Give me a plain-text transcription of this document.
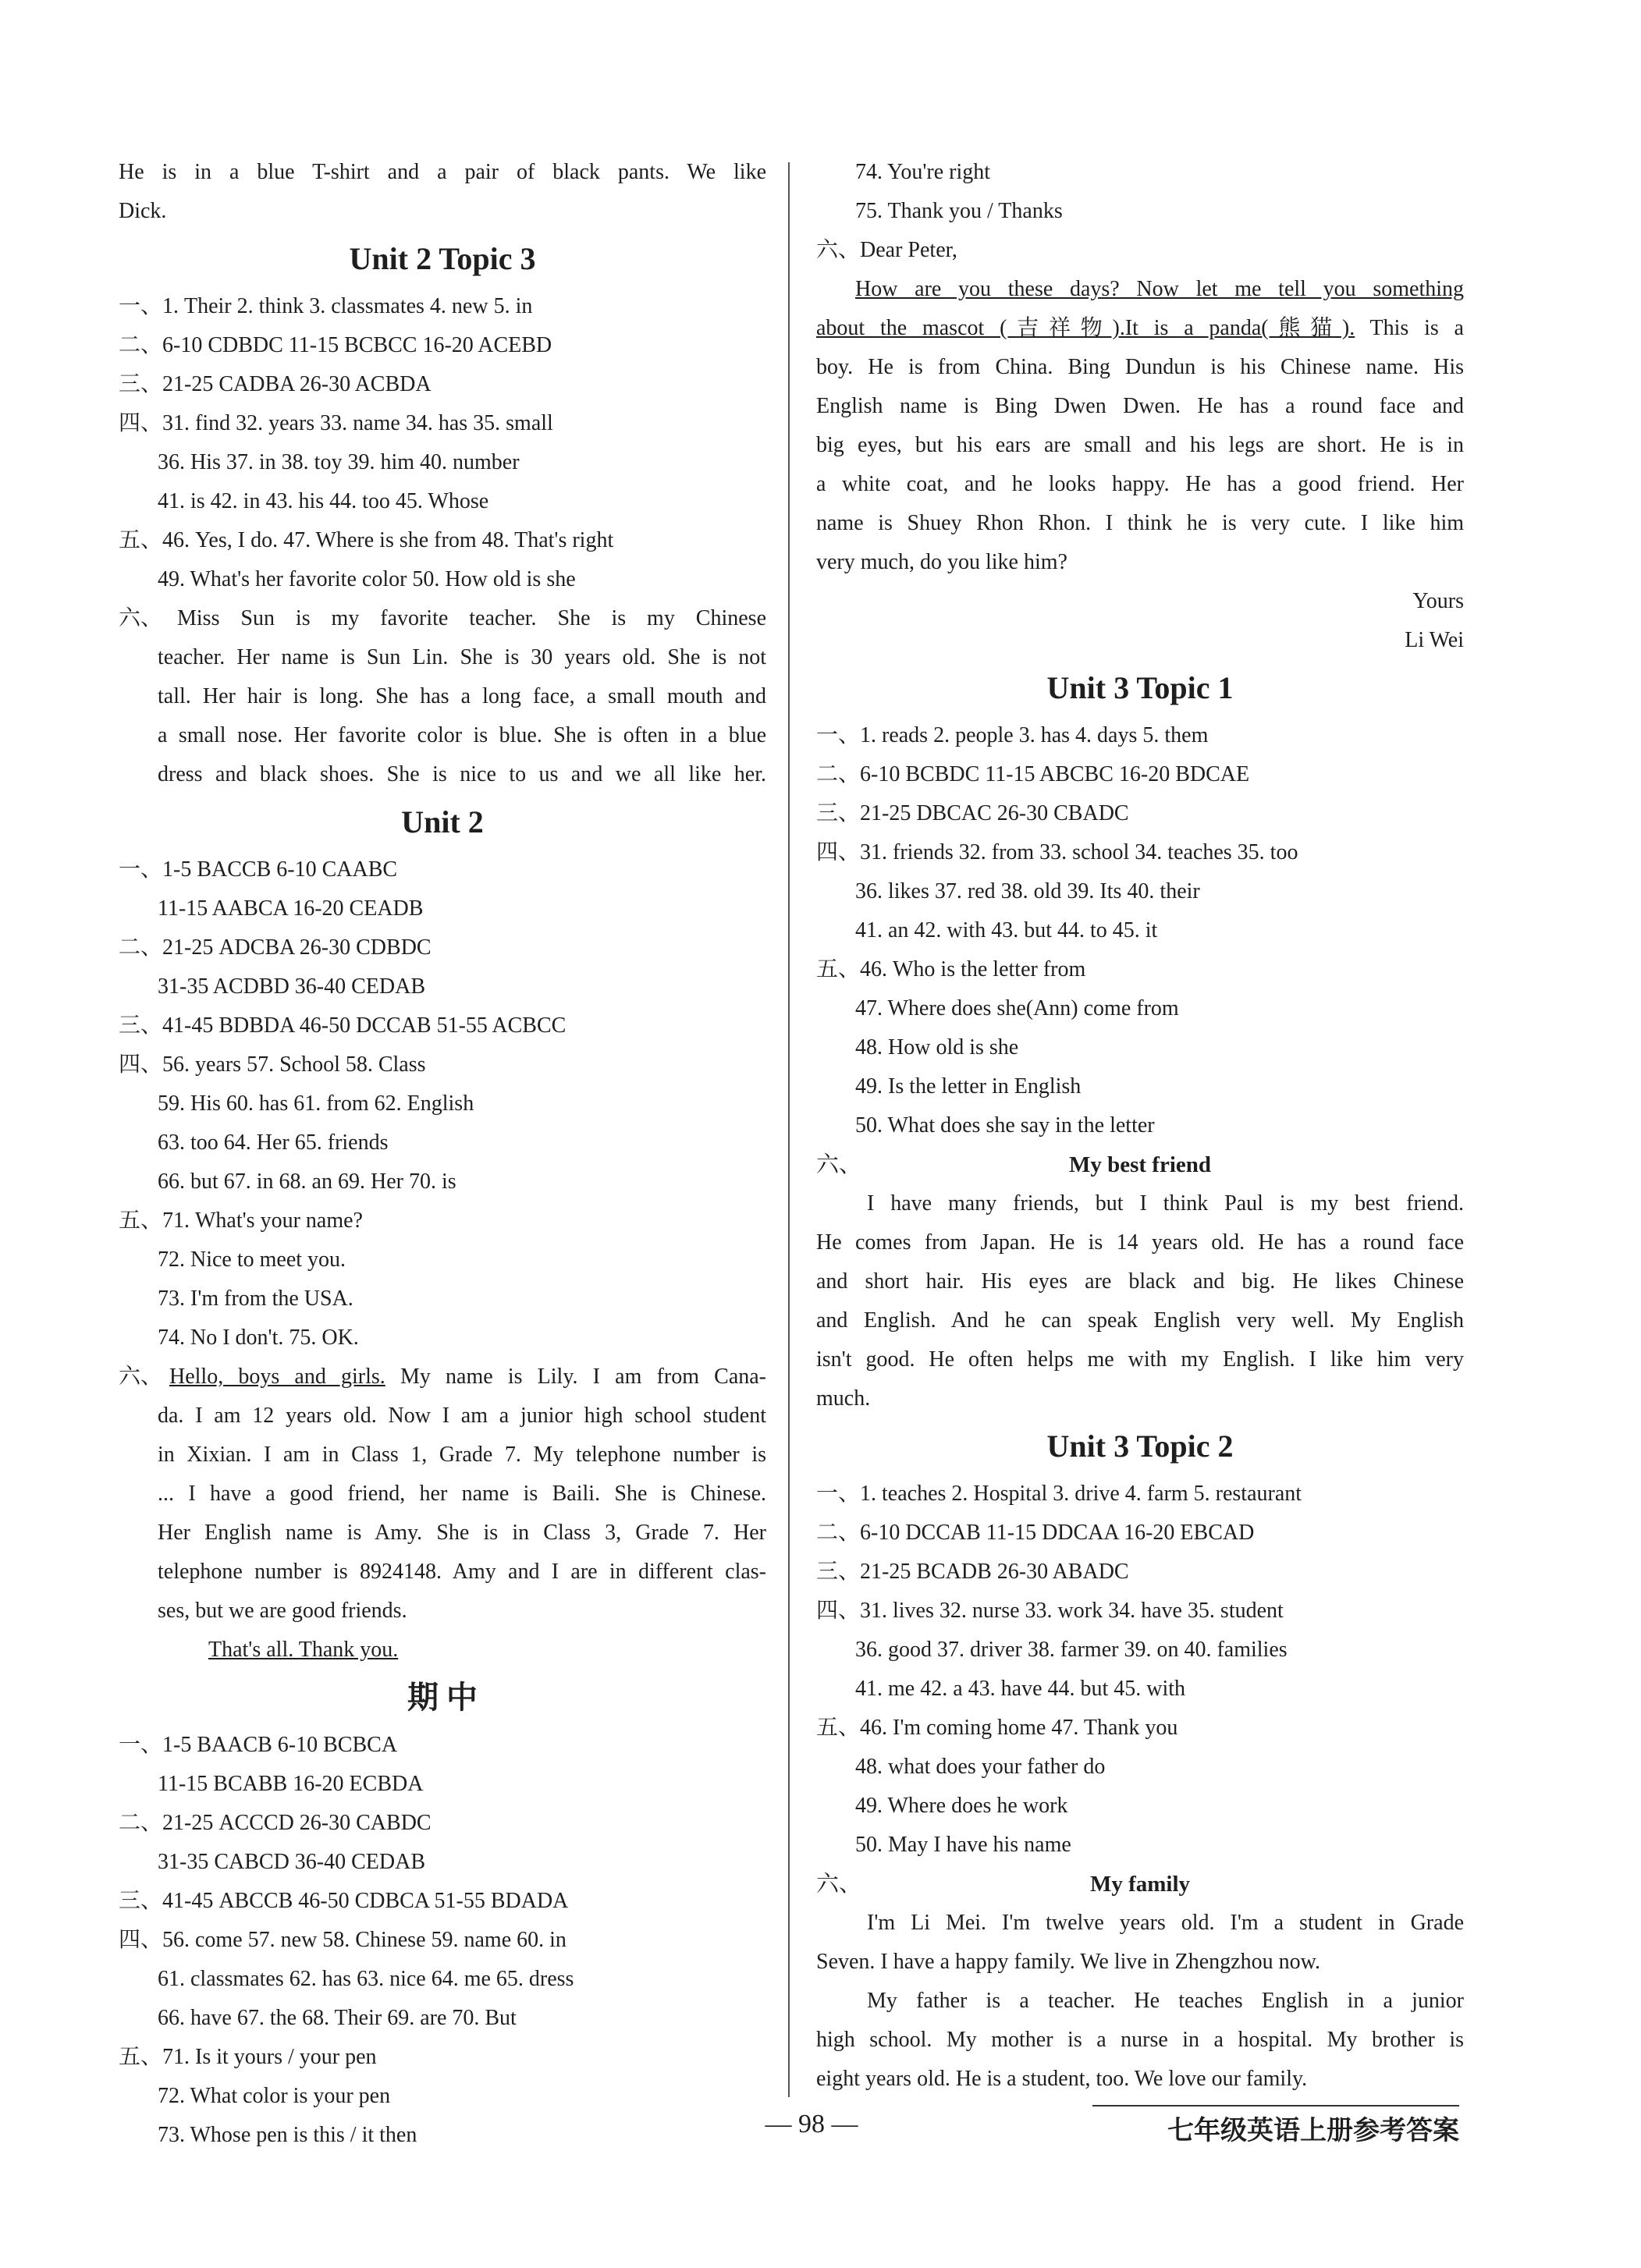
He is in a blue T-shirt and a pair of black pants. We like
Dick.
Unit 2 Topic 3
一、1. Their 2. think 3. classmates 4. new 5. in
二、6-10 CDBDC 11-15 BCBCC 16-20 ACEBD
三、21-25 CADBA 26-30 ACBDA
四、31. find 32. years 33. name 34. has 35. small
36. His 37. in 38. toy 39. him 40. number
41. is 42. in 43. his 44. too 45. Whose
五、46. Yes, I do. 47. Where is she from 48. That's right
49. What's her favorite color 50. How old is she
六、 Miss Sun is my favorite teacher. She is my Chinese
teacher. Her name is Sun Lin. She is 30 years old. She is not
tall. Her hair is long. She has a long face, a small mouth and
a small nose. Her favorite color is blue. She is often in a blue
dress and black shoes. She is nice to us and we all like her.
Unit 2
一、1-5 BACCB 6-10 CAABC
11-15 AABCA 16-20 CEADB
二、21-25 ADCBA 26-30 CDBDC
31-35 ACDBD 36-40 CEDAB
三、41-45 BDBDA 46-50 DCCAB 51-55 ACBCC
四、56. years 57. School 58. Class
59. His 60. has 61. from 62. English
63. too 64. Her 65. friends
66. but 67. in 68. an 69. Her 70. is
五、71. What's your name?
72. Nice to meet you.
73. I'm from the USA.
74. No I don't. 75. OK.
六、 Hello, boys and girls. My name is Lily. I am from Cana-
da. I am 12 years old. Now I am a junior high school student
in Xixian. I am in Class 1, Grade 7. My telephone number is
... I have a good friend, her name is Baili. She is Chinese.
Her English name is Amy. She is in Class 3, Grade 7. Her
telephone number is 8924148. Amy and I are in different clas-
ses, but we are good friends.
That's all. Thank you.
期 中
一、1-5 BAACB 6-10 BCBCA
11-15 BCABB 16-20 ECBDA
二、21-25 ACCCD 26-30 CABDC
31-35 CABCD 36-40 CEDAB
三、41-45 ABCCB 46-50 CDBCA 51-55 BDADA
四、56. come 57. new 58. Chinese 59. name 60. in
61. classmates 62. has 63. nice 64. me 65. dress
66. have 67. the 68. Their 69. are 70. But
五、71. Is it yours / your pen
72. What color is your pen
73. Whose pen is this / it then
74. You're right
75. Thank you / Thanks
六、Dear Peter,
How are you these days? Now let me tell you something
about the mascot (吉祥物).It is a panda(熊猫). This is a
boy. He is from China. Bing Dundun is his Chinese name. His
English name is Bing Dwen Dwen. He has a round face and
big eyes, but his ears are small and his legs are short. He is in
a white coat, and he looks happy. He has a good friend. Her
name is Shuey Rhon Rhon. I think he is very cute. I like him
very much, do you like him?
Yours
Li Wei
Unit 3 Topic 1
一、1. reads 2. people 3. has 4. days 5. them
二、6-10 BCBDC 11-15 ABCBC 16-20 BDCAE
三、21-25 DBCAC 26-30 CBADC
四、31. friends 32. from 33. school 34. teaches 35. too
36. likes 37. red 38. old 39. Its 40. their
41. an 42. with 43. but 44. to 45. it
五、46. Who is the letter from
47. Where does she(Ann) come from
48. How old is she
49. Is the letter in English
50. What does she say in the letter
六、	My best friend
I have many friends, but I think Paul is my best friend.
He comes from Japan. He is 14 years old. He has a round face
and short hair. His eyes are black and big. He likes Chinese
and English. And he can speak English very well. My English
isn't good. He often helps me with my English. I like him very
much.
Unit 3 Topic 2
一、1. teaches 2. Hospital 3. drive 4. farm 5. restaurant
二、6-10 DCCAB 11-15 DDCAA 16-20 EBCAD
三、21-25 BCADB 26-30 ABADC
四、31. lives 32. nurse 33. work 34. have 35. student
36. good 37. driver 38. farmer 39. on 40. families
41. me 42. a 43. have 44. but 45. with
五、46. I'm coming home 47. Thank you
48. what does your father do
49. Where does he work
50. May I have his name
六、	My family
I'm Li Mei. I'm twelve years old. I'm a student in Grade
Seven. I have a happy family. We live in Zhengzhou now.
My father is a teacher. He teaches English in a junior
high school. My mother is a nurse in a hospital. My brother is
eight years old. He is a student, too. We love our family.
— 98 —	七年级英语上册参考答案
